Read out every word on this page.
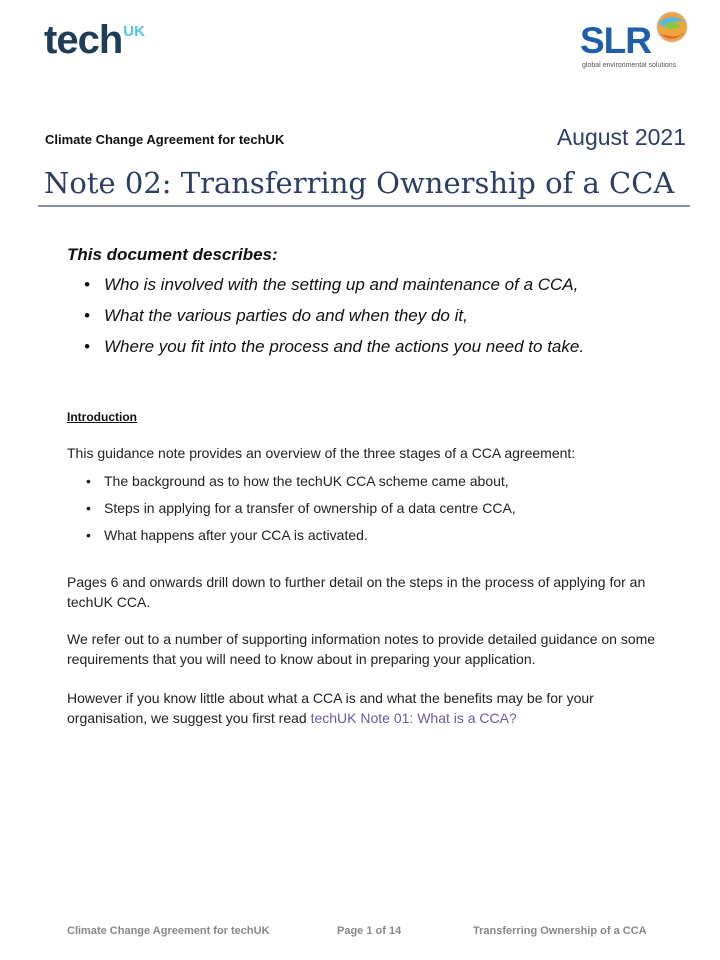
tech$^{UK}$	SLR
global environmental solutions
Climate Change Agreement for techUK	August 2021
Note 02: Transferring Ownership of a CCA
This document describes:
• Who is involved with the setting up and maintenance of a CCA,
• What the various parties do and when they do it,
• Where you fit into the process and the actions you need to take.
Introduction
This guidance note provides an overview of the three stages of a CCA agreement:
• The background as to how the techUK CCA scheme came about,
• Steps in applying for a transfer of ownership of a data centre CCA,
• What happens after your CCA is activated.

Pages 6 and onwards drill down to further detail on the steps in the process of applying for an techUK CCA.

We refer out to a number of supporting information notes to provide detailed guidance on some requirements that you will need to know about in preparing your application.

However if you know little about what a CCA is and what the benefits may be for your organisation, we suggest you first read techUK Note 01: What is a CCA?

Climate Change Agreement for techUK	Page 1 of 14	Transferring Ownership of a CCA
